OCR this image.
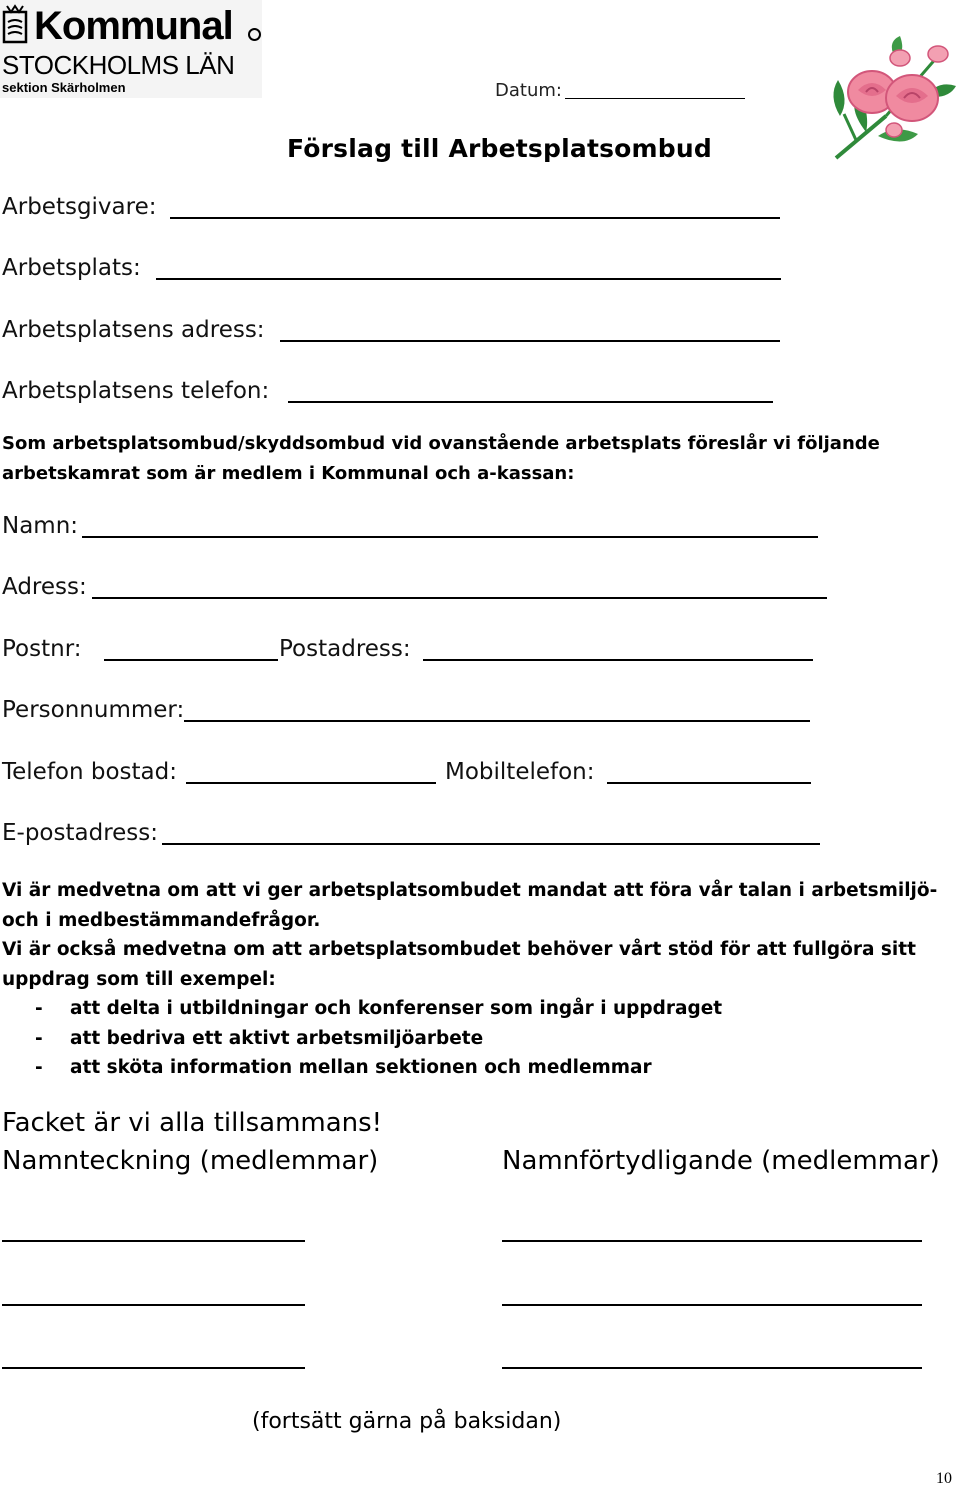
Kommunal
STOCKHOLMS LÄN
sektion Skärholmen	Datum:
Förslag till Arbetsplatsombud
Arbetsgivare:
Arbetsplats:
Arbetsplatsens adress:
Arbetsplatsens telefon:
Som arbetsplatsombud/skyddsombud vid ovanstående arbetsplats föreslår vi följande
arbetskamrat som är medlem i Kommunal och a-kassan:
Namn:
Adress:
Postnr:	Postadress:
Personnummer:
Telefon bostad:	Mobiltelefon:
E-postadress:
Vi är medvetna om att vi ger arbetsplatsombudet mandat att föra vår talan i arbetsmiljö-
och i medbestämmandefrågor.
Vi är också medvetna om att arbetsplatsombudet behöver vårt stöd för att fullgöra sitt
uppdrag som till exempel:
- att delta i utbildningar och konferenser som ingår i uppdraget
- att bedriva ett aktivt arbetsmiljöarbete
- att sköta information mellan sektionen och medlemmar
Facket är vi alla tillsammans!
Namnteckning (medlemmar)	Namnförtydligande (medlemmar)
(fortsätt gärna på baksidan)
10
